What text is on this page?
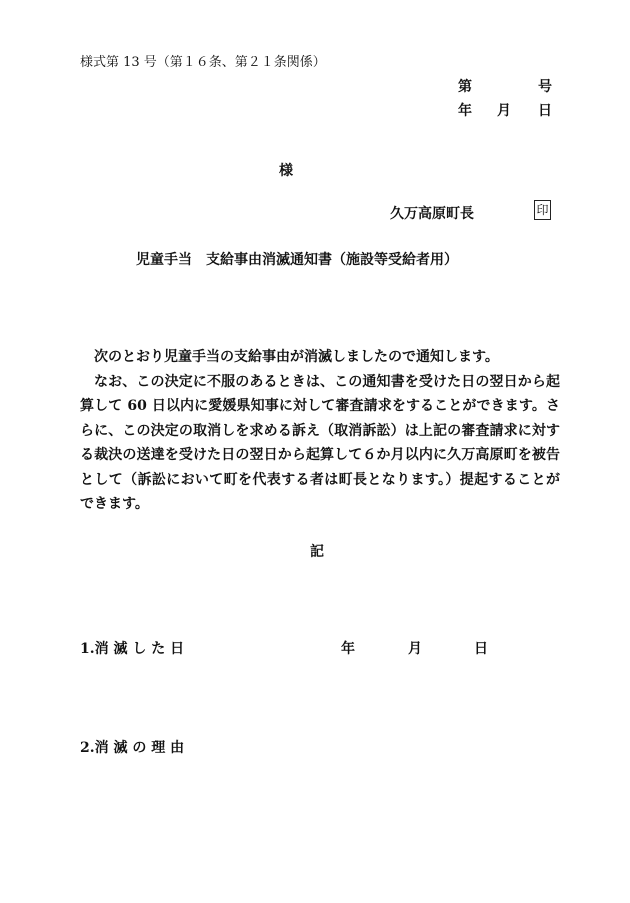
様式第 13 号（第１６条、第２１条関係）
第	号
年 月 日
様
久万高原町長	印
児童手当　支給事由消滅通知書（施設等受給者用）

次のとおり児童手当の支給事由が消滅しましたので通知します。

なお、この決定に不服のあるときは、この通知書を受けた日の翌日から起算して 60 日以内に愛媛県知事に対して審査請求をすることができます。さらに、この決定の取消しを求める訴え（取消訴訟）は上記の審査請求に対する裁決の送達を受けた日の翌日から起算して６か月以内に久万高原町を被告として（訴訟において町を代表する者は町長となります。）提起することができます。

記
1.消 滅 し た 日	年	月	日
2.消 滅 の 理 由
